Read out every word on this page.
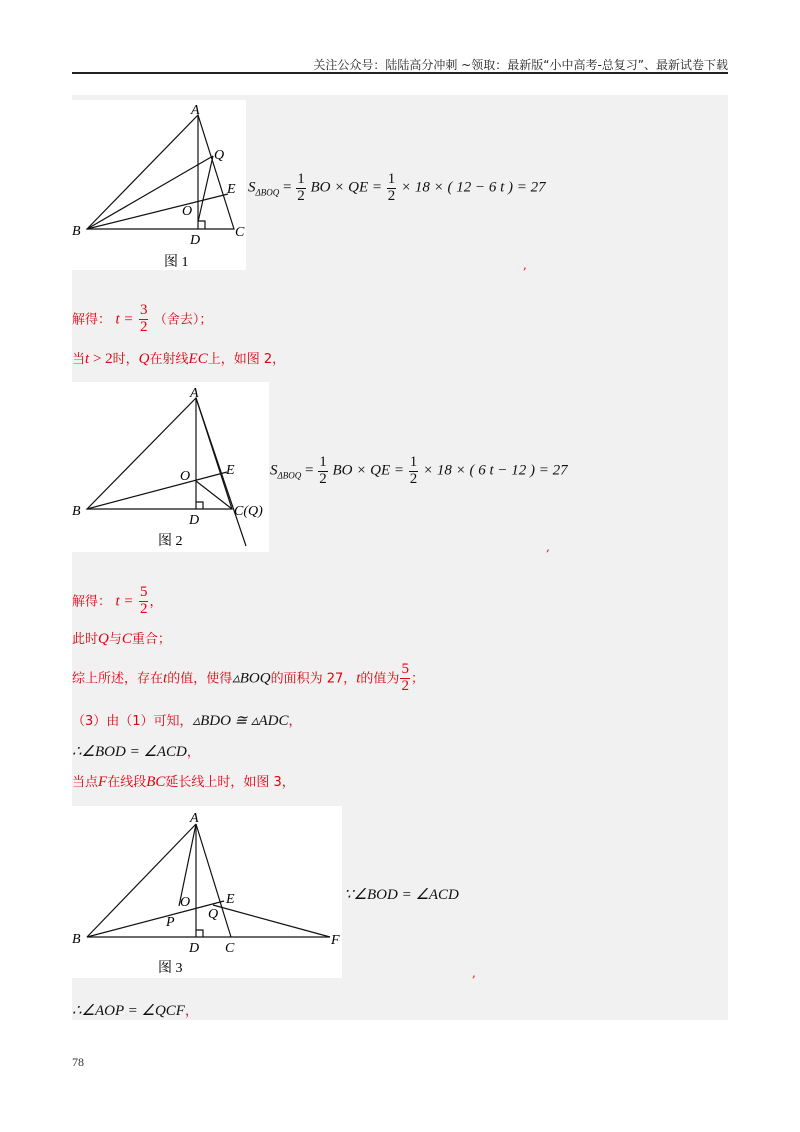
关注公众号：陆陆高分冲刺 ~领取：最新版“小中高考-总复习”、最新试卷下载
A
B	C
D
E
O
Q
图 1
$S_{\Delta BOQ} = \frac{1}{2}$ BO × QE = $\frac{1}{2} \times 18$ × ( 12 − 6 t ) = 27
,
解得： $t = \frac{3}{2}$ （舍去）；
当t > 2时，Q在射线EC上，如图 2，
A
B	C(Q)
D
E
O
图 2
$S_{\Delta BOQ} = \frac{1}{2}$ BO × QE = $\frac{1}{2} \times 18$ × ( 6 t − 12 ) = 27
,
解得： $t = \frac{5}{2}$ ，
此时Q与C重合；
综上所述，存在t的值，使得▵BOQ的面积为 27，t的值为 $\frac{5}{2}$ ；
（3）由（1）可知，▵BDO ≅ ▵ADC，
∴∠BOD = ∠ACD，
当点F在线段BC延长线上时，如图 3，
A
B
C
D
E
O
P
Q
F
图 3
∵∠BOD = ∠ACD
,
∴∠AOP = ∠QCF，
78
